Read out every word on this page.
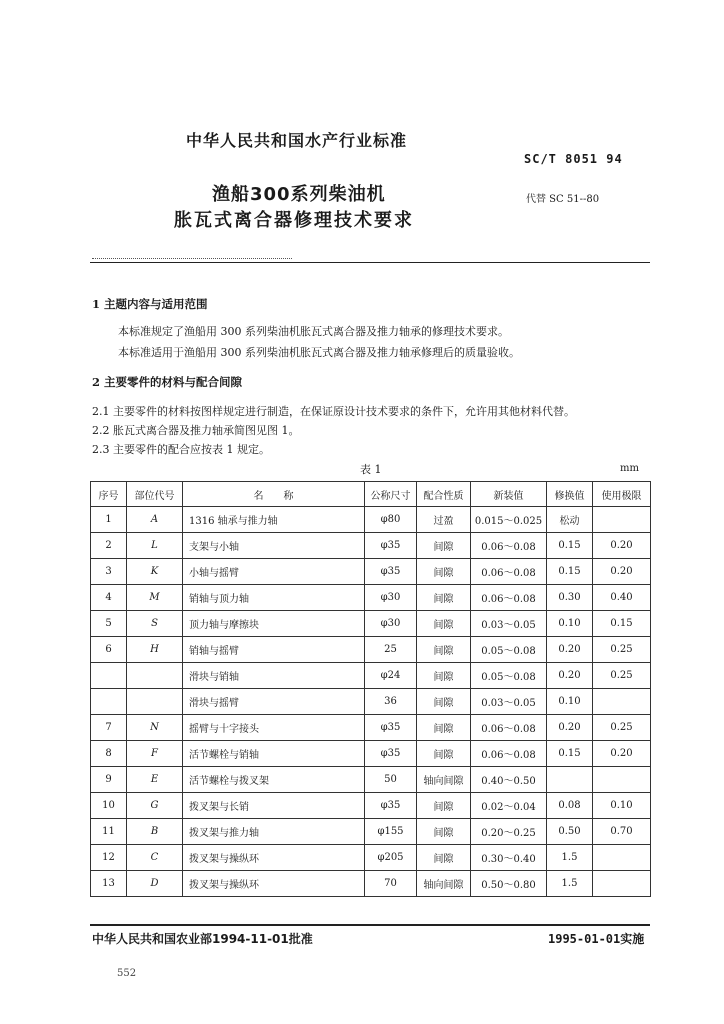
中华人民共和国水产行业标准
SC/T 8051 94
渔船300系列柴油机
胀瓦式离合器修理技术要求
代替 SC 51--80
1 主题内容与适用范围
本标准规定了渔船用 300 系列柴油机胀瓦式离合器及推力轴承的修理技术要求。
本标准适用于渔船用 300 系列柴油机胀瓦式离合器及推力轴承修理后的质量验收。
2 主要零件的材料与配合间隙
2.1 主要零件的材料按图样规定进行制造，在保证原设计技术要求的条件下，允许用其他材料代替。
2.2 胀瓦式离合器及推力轴承简图见图 1。
2.3 主要零件的配合应按表 1 规定。
表 1	mm
序号	部位代号	名　　称	公称尺寸	配合性质	新装值	修换值	使用极限
1	A	1316 轴承与推力轴	φ80	过盈	0.015～0.025	松动	
2	L	支架与小轴	φ35	间隙	0.06～0.08	0.15	0.20
3	K	小轴与摇臂	φ35	间隙	0.06～0.08	0.15	0.20
4	M	销轴与顶力轴	φ30	间隙	0.06～0.08	0.30	0.40
5	S	顶力轴与摩擦块	φ30	间隙	0.03～0.05	0.10	0.15
6	H	销轴与摇臂	25	间隙	0.05～0.08	0.20	0.25
		滑块与销轴	φ24	间隙	0.05～0.08	0.20	0.25
		滑块与摇臂	36	间隙	0.03～0.05	0.10	
7	N	摇臂与十字接头	φ35	间隙	0.06～0.08	0.20	0.25
8	F	活节螺栓与销轴	φ35	间隙	0.06～0.08	0.15	0.20
9	E	活节螺栓与拨叉架	50	轴向间隙	0.40～0.50		
10	G	拨叉架与长销	φ35	间隙	0.02～0.04	0.08	0.10
11	B	拨叉架与推力轴	φ155	间隙	0.20～0.25	0.50	0.70
12	C	拨叉架与操纵环	φ205	间隙	0.30～0.40	1.5	
13	D	拨叉架与操纵环	70	轴向间隙	0.50～0.80	1.5	
中华人民共和国农业部1994-11-01批准	1995-01-01实施
552
